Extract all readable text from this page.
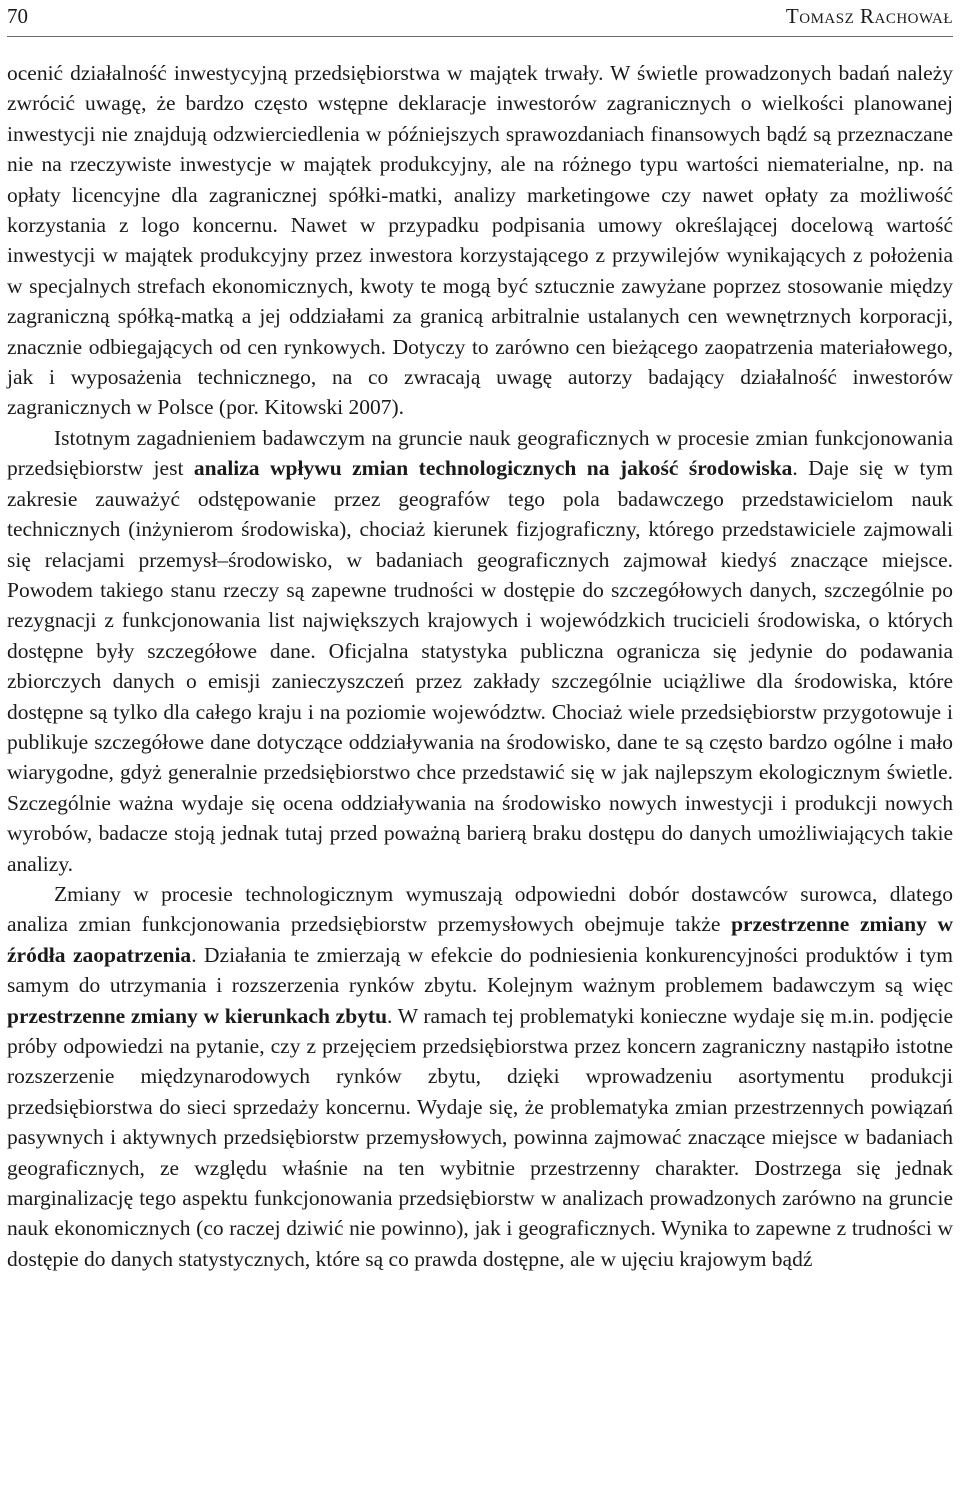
70	Tomasz Rachował

ocenić działalność inwestycyjną przedsiębiorstwa w majątek trwały. W świetle prowadzonych badań należy zwrócić uwagę, że bardzo często wstępne deklaracje inwestorów zagranicznych o wielkości planowanej inwestycji nie znajdują odzwierciedlenia w późniejszych sprawozdaniach finansowych bądź są przeznaczane nie na rzeczywiste inwestycje w majątek produkcyjny, ale na różnego typu wartości niematerialne, np. na opłaty licencyjne dla zagranicznej spółki-matki, analizy marketingowe czy nawet opłaty za możliwość korzystania z logo koncernu. Nawet w przypadku podpisania umowy określającej docelową wartość inwestycji w majątek produkcyjny przez inwestora korzystającego z przywilejów wynikających z położenia w specjalnych strefach ekonomicznych, kwoty te mogą być sztucznie zawyżane poprzez stosowanie między zagraniczną spółką-matką a jej oddziałami za granicą arbitralnie ustalanych cen wewnętrznych korporacji, znacznie odbiegających od cen rynkowych. Dotyczy to zarówno cen bieżącego zaopatrzenia materiałowego, jak i wyposażenia technicznego, na co zwracają uwagę autorzy badający działalność inwestorów zagranicznych w Polsce (por. Kitowski 2007).

Istotnym zagadnieniem badawczym na gruncie nauk geograficznych w procesie zmian funkcjonowania przedsiębiorstw jest analiza wpływu zmian technologicznych na jakość środowiska. Daje się w tym zakresie zauważyć odstępowanie przez geografów tego pola badawczego przedstawicielom nauk technicznych (inżynierom środowiska), chociaż kierunek fizjograficzny, którego przedstawiciele zajmowali się relacjami przemysł–środowisko, w badaniach geograficznych zajmował kiedyś znaczące miejsce. Powodem takiego stanu rzeczy są zapewne trudności w dostępie do szczegółowych danych, szczególnie po rezygnacji z funkcjonowania list największych krajowych i wojewódzkich trucicieli środowiska, o których dostępne były szczegółowe dane. Oficjalna statystyka publiczna ogranicza się jedynie do podawania zbiorczych danych o emisji zanieczyszczeń przez zakłady szczególnie uciążliwe dla środowiska, które dostępne są tylko dla całego kraju i na poziomie województw. Chociaż wiele przedsiębiorstw przygotowuje i publikuje szczegółowe dane dotyczące oddziaływania na środowisko, dane te są często bardzo ogólne i mało wiarygodne, gdyż generalnie przedsiębiorstwo chce przedstawić się w jak najlepszym ekologicznym świetle. Szczególnie ważna wydaje się ocena oddziaływania na środowisko nowych inwestycji i produkcji nowych wyrobów, badacze stoją jednak tutaj przed poważną barierą braku dostępu do danych umożliwiających takie analizy.

Zmiany w procesie technologicznym wymuszają odpowiedni dobór dostawców surowca, dlatego analiza zmian funkcjonowania przedsiębiorstw przemysłowych obejmuje także przestrzenne zmiany w źródła zaopatrzenia. Działania te zmierzają w efekcie do podniesienia konkurencyjności produktów i tym samym do utrzymania i rozszerzenia rynków zbytu. Kolejnym ważnym problemem badawczym są więc przestrzenne zmiany w kierunkach zbytu. W ramach tej problematyki konieczne wydaje się m.in. podjęcie próby odpowiedzi na pytanie, czy z przejęciem przedsiębiorstwa przez koncern zagraniczny nastąpiło istotne rozszerzenie międzynarodowych rynków zbytu, dzięki wprowadzeniu asortymentu produkcji przedsiębiorstwa do sieci sprzedaży koncernu. Wydaje się, że problematyka zmian przestrzennych powiązań pasywnych i aktywnych przedsiębiorstw przemysłowych, powinna zajmować znaczące miejsce w badaniach geograficznych, ze względu właśnie na ten wybitnie przestrzenny charakter. Dostrzega się jednak marginalizację tego aspektu funkcjonowania przedsiębiorstw w analizach prowadzonych zarówno na gruncie nauk ekonomicznych (co raczej dziwić nie powinno), jak i geograficznych. Wynika to zapewne z trudności w dostępie do danych statystycznych, które są co prawda dostępne, ale w ujęciu krajowym bądź
